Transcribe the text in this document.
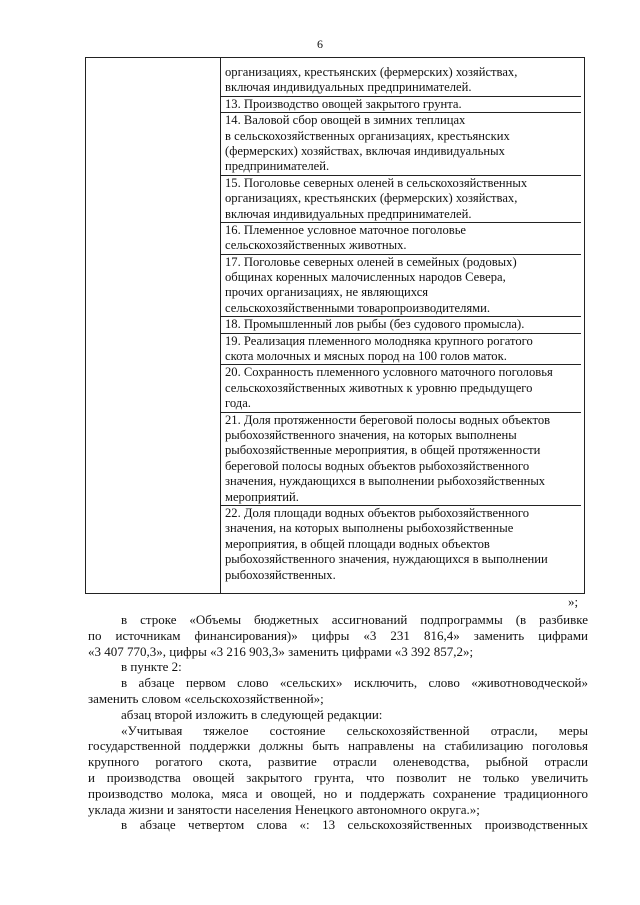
6
организациях, крестьянских (фермерских) хозяйствах,
включая индивидуальных предпринимателей.
13. Производство овощей закрытого грунта.
14. Валовой сбор овощей в зимних теплицах
в сельскохозяйственных организациях, крестьянских
(фермерских) хозяйствах, включая индивидуальных
предпринимателей.
15. Поголовье северных оленей в сельскохозяйственных
организациях, крестьянских (фермерских) хозяйствах,
включая индивидуальных предпринимателей.
16. Племенное условное маточное поголовье
сельскохозяйственных животных.
17. Поголовье северных оленей в семейных (родовых)
общинах коренных малочисленных народов Севера,
прочих организациях, не являющихся
сельскохозяйственными товаропроизводителями.
18. Промышленный лов рыбы (без судового промысла).
19. Реализация племенного молодняка крупного рогатого
скота молочных и мясных пород на 100 голов маток.
20. Сохранность племенного условного маточного поголовья
сельскохозяйственных животных к уровню предыдущего
года.
21. Доля протяженности береговой полосы водных объектов
рыбохозяйственного значения, на которых выполнены
рыбохозяйственные мероприятия, в общей протяженности
береговой полосы водных объектов рыбохозяйственного
значения, нуждающихся в выполнении рыбохозяйственных
мероприятий.
22. Доля площади водных объектов рыбохозяйственного
значения, на которых выполнены рыбохозяйственные
мероприятия, в общей площади водных объектов
рыбохозяйственного значения, нуждающихся в выполнении
рыбохозяйственных.
»;
в строке «Объемы бюджетных ассигнований подпрограммы (в разбивке
по источникам финансирования)» цифры «3 231 816,4» заменить цифрами
«3 407 770,3», цифры «3 216 903,3» заменить цифрами «3 392 857,2»;
в пункте 2:
в абзаце первом слово «сельских» исключить, слово «животноводческой»
заменить словом «сельскохозяйственной»;
абзац второй изложить в следующей редакции:
«Учитывая тяжелое состояние сельскохозяйственной отрасли, меры
государственной поддержки должны быть направлены на стабилизацию поголовья
крупного рогатого скота, развитие отрасли оленеводства, рыбной отрасли
и производства овощей закрытого грунта, что позволит не только увеличить
производство молока, мяса и овощей, но и поддержать сохранение традиционного
уклада жизни и занятости населения Ненецкого автономного округа.»;
в абзаце четвертом слова «: 13 сельскохозяйственных производственных
